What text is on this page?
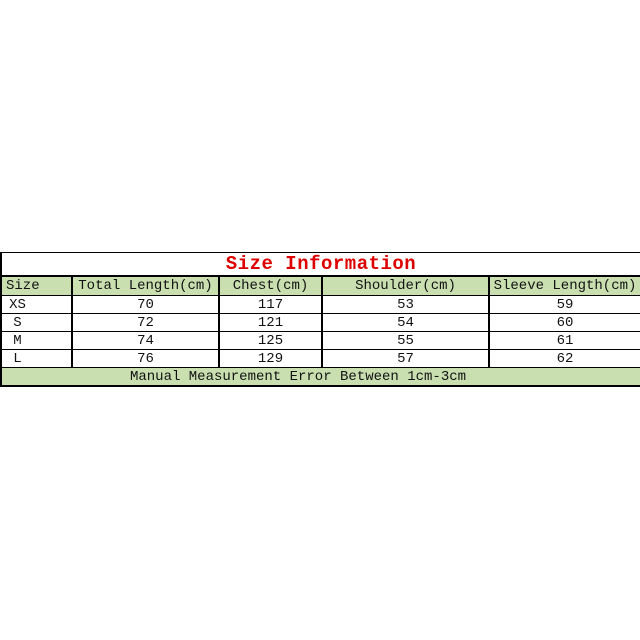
Size Information				
Size	Total Length(cm)	Chest(cm)	Shoulder(cm)	Sleeve Length(cm)
XS	70	117	53	59
S	72	121	54	60
M	74	125	55	61
L	76	129	57	62
Manual Measurement Error Between 1cm-3cm				
